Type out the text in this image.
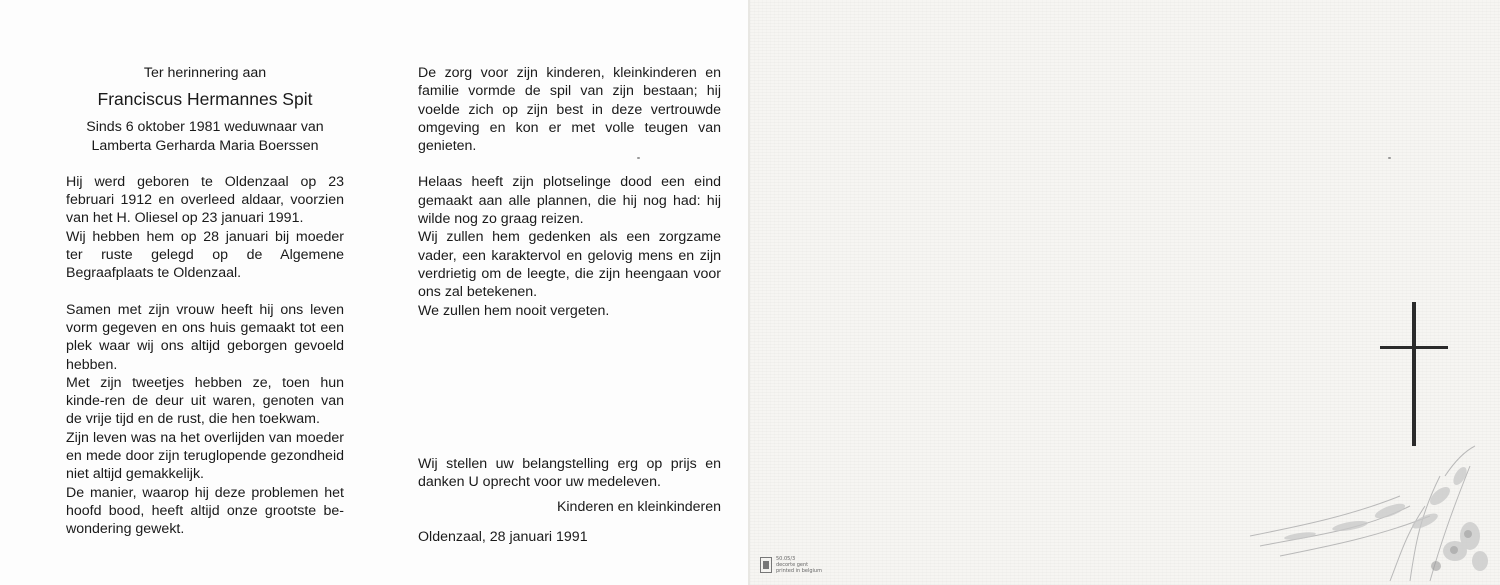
Ter herinnering aan
Franciscus Hermannes Spit
Sinds 6 oktober 1981 weduwnaar van
Lamberta Gerharda Maria Boerssen
Hij werd geboren te Oldenzaal op 23 februari 1912 en overleed aldaar, voorzien van het H. Oliesel op 23 januari 1991.
Wij hebben hem op 28 januari bij moeder ter ruste gelegd op de Algemene Begraafplaats te Oldenzaal.
Samen met zijn vrouw heeft hij ons leven vorm gegeven en ons huis gemaakt tot een plek waar wij ons altijd geborgen gevoeld hebben.
Met zijn tweetjes hebben ze, toen hun kinde-ren de deur uit waren, genoten van de vrije tijd en de rust, die hen toekwam.
Zijn leven was na het overlijden van moeder en mede door zijn teruglopende gezondheid niet altijd gemakkelijk.
De manier, waarop hij deze problemen het hoofd bood, heeft altijd onze grootste be-wondering gewekt.
De zorg voor zijn kinderen, kleinkinderen en familie vormde de spil van zijn bestaan; hij voelde zich op zijn best in deze vertrouwde omgeving en kon er met volle teugen van genieten.
Helaas heeft zijn plotselinge dood een eind gemaakt aan alle plannen, die hij nog had: hij wilde nog zo graag reizen.
Wij zullen hem gedenken als een zorgzame vader, een karaktervol en gelovig mens en zijn verdrietig om de leegte, die zijn heengaan voor ons zal betekenen.
We zullen hem nooit vergeten.
Wij stellen uw belangstelling erg op prijs en danken U oprecht voor uw medeleven.
Kinderen en kleinkinderen
Oldenzaal, 28 januari 1991
50.05/3
decorte gent
printed in belgium
